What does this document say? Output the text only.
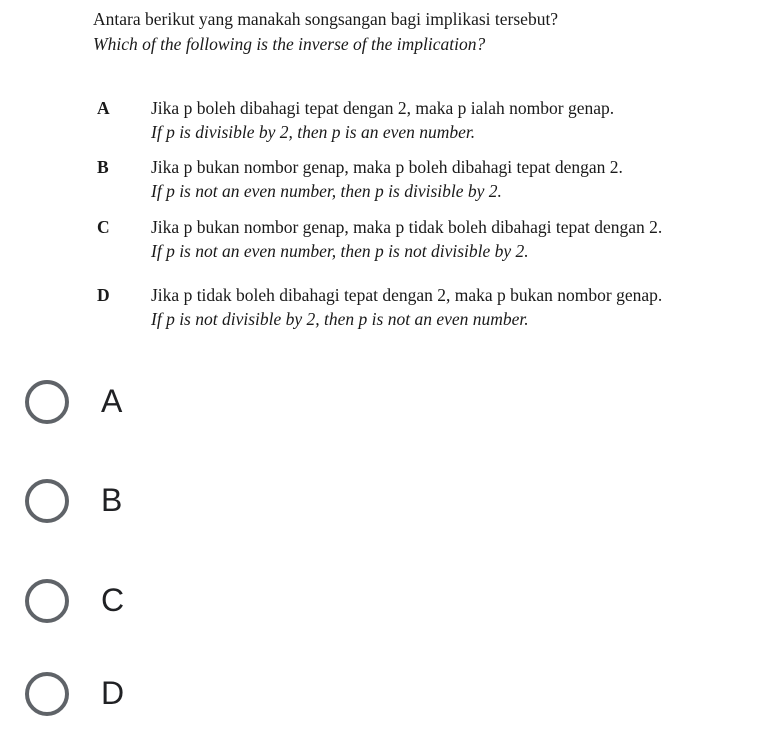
Antara berikut yang manakah songsangan bagi implikasi tersebut?
Which of the following is the inverse of the implication?
A Jika p boleh dibahagi tepat dengan 2, maka p ialah nombor genap.
If p is divisible by 2, then p is an even number.
B Jika p bukan nombor genap, maka p boleh dibahagi tepat dengan 2.
If p is not an even number, then p is divisible by 2.
C Jika p bukan nombor genap, maka p tidak boleh dibahagi tepat dengan 2.
If p is not an even number, then p is not divisible by 2.
D Jika p tidak boleh dibahagi tepat dengan 2, maka p bukan nombor genap.
If p is not divisible by 2, then p is not an even number.
A
B
C
D
